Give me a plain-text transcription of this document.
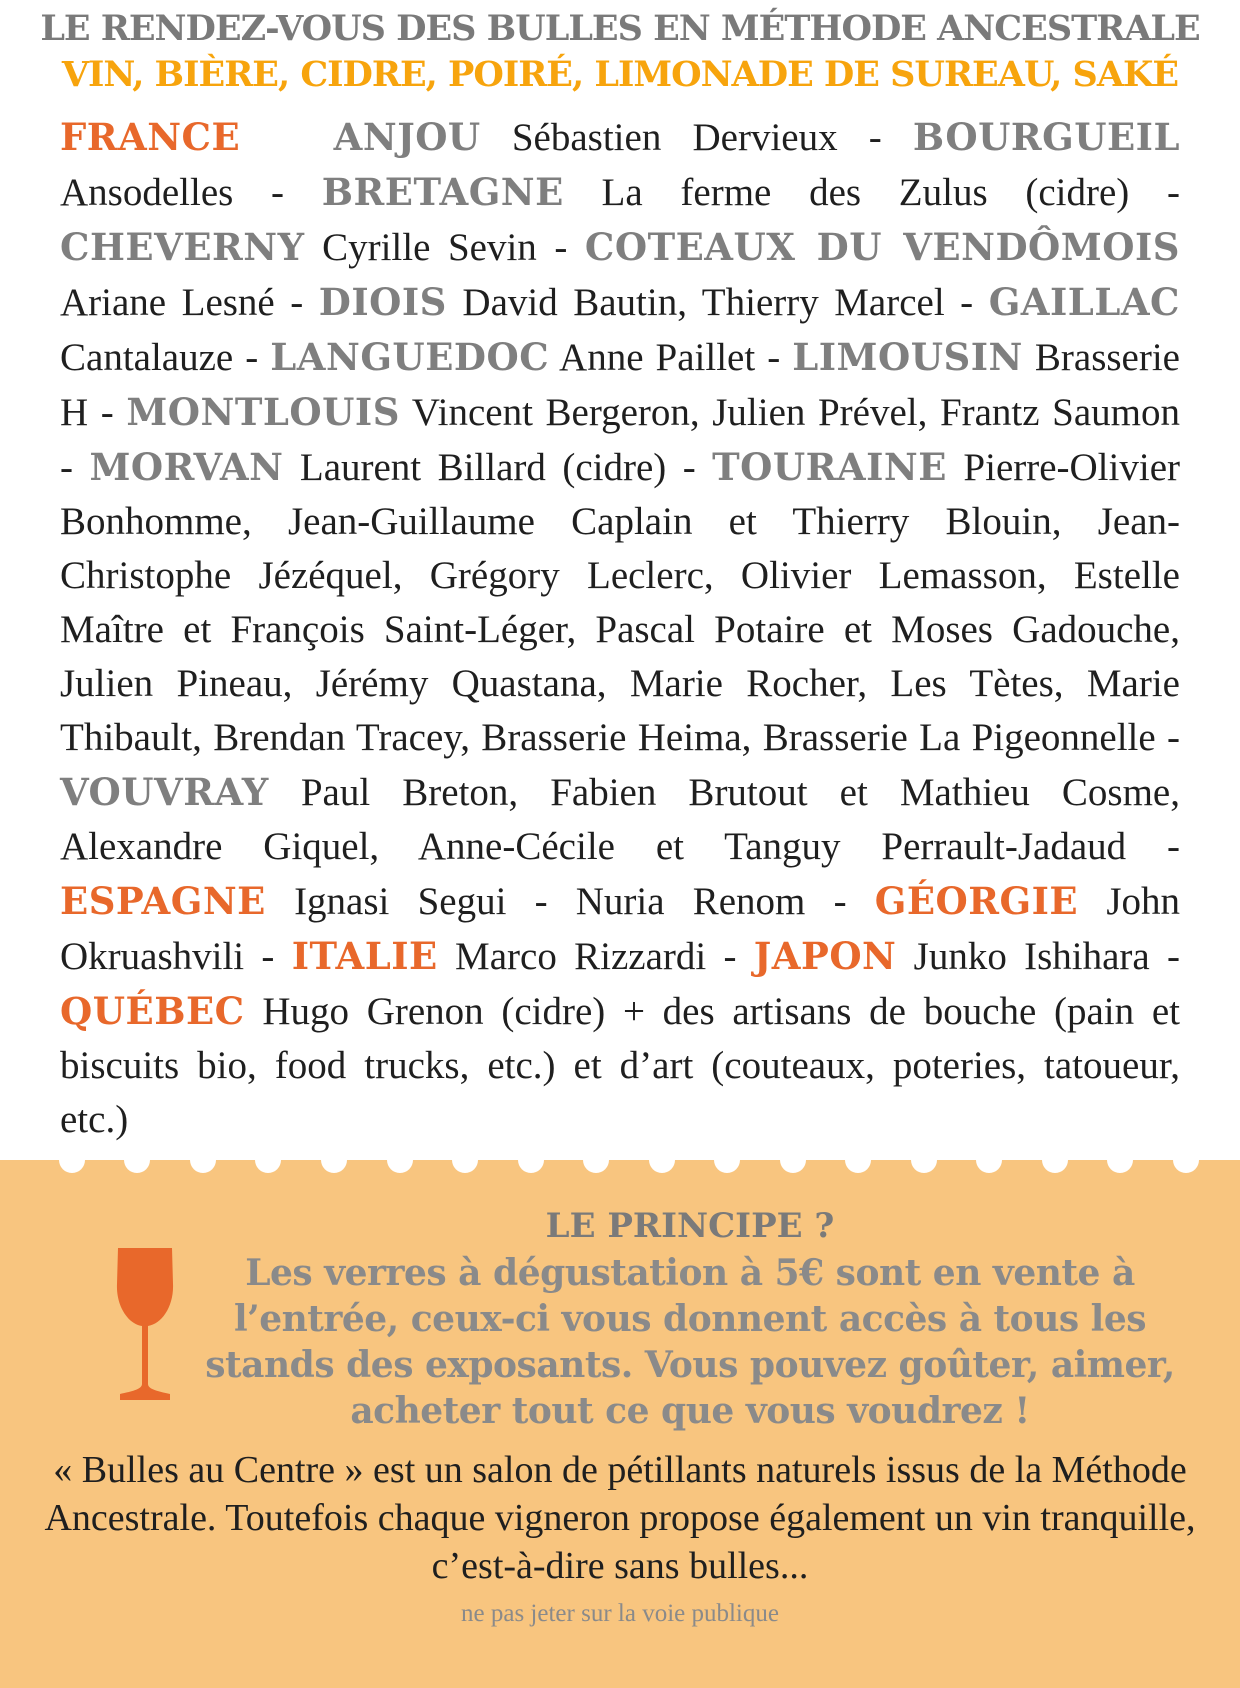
LE RENDEZ-VOUS DES BULLES EN MÉTHODE ANCESTRALE
VIN, BIÈRE, CIDRE, POIRÉ, LIMONADE DE SUREAU, SAKÉ
FRANCE	ANJOU Sébastien Dervieux - BOURGUEIL Ansodelles - BRETAGNE La ferme des Zulus (cidre) - CHEVERNY Cyrille Sevin - COTEAUX DU VENDÔMOIS Ariane Lesné - DIOIS David Bautin, Thierry Marcel - GAILLAC Cantalauze - LANGUEDOC Anne Paillet - LIMOUSIN Brasserie H - MONTLOUIS Vincent Bergeron, Julien Prével, Frantz Saumon - MORVAN Laurent Billard (cidre) - TOURAINE Pierre-Olivier Bonhomme, Jean-Guillaume Caplain et Thierry Blouin, Jean-Christophe Jézéquel, Grégory Leclerc, Olivier Lemasson, Estelle Maître et François Saint-Léger, Pascal Potaire et Moses Gadouche, Julien Pineau, Jérémy Quastana, Marie Rocher, Les Tètes, Marie Thibault, Brendan Tracey, Brasserie Heima, Brasserie La Pigeonnelle - VOUVRAY Paul Breton, Fabien Brutout et Mathieu Cosme, Alexandre Giquel, Anne-Cécile et Tanguy Perrault-Jadaud - ESPAGNE Ignasi Segui - Nuria Renom - GÉORGIE John Okruashvili - ITALIE Marco Rizzardi - JAPON Junko Ishihara - QUÉBEC Hugo Grenon (cidre) + des artisans de bouche (pain et biscuits bio, food trucks, etc.) et d’art (couteaux, poteries, tatoueur, etc.)
LE PRINCIPE ?
Les verres à dégustation à 5€ sont en vente à l’entrée, ceux-ci vous donnent accès à tous les stands des exposants. Vous pouvez goûter, aimer, acheter tout ce que vous voudrez !
« Bulles au Centre » est un salon de pétillants naturels issus de la Méthode Ancestrale. Toutefois chaque vigneron propose également un vin tranquille, c’est-à-dire sans bulles...
ne pas jeter sur la voie publique
